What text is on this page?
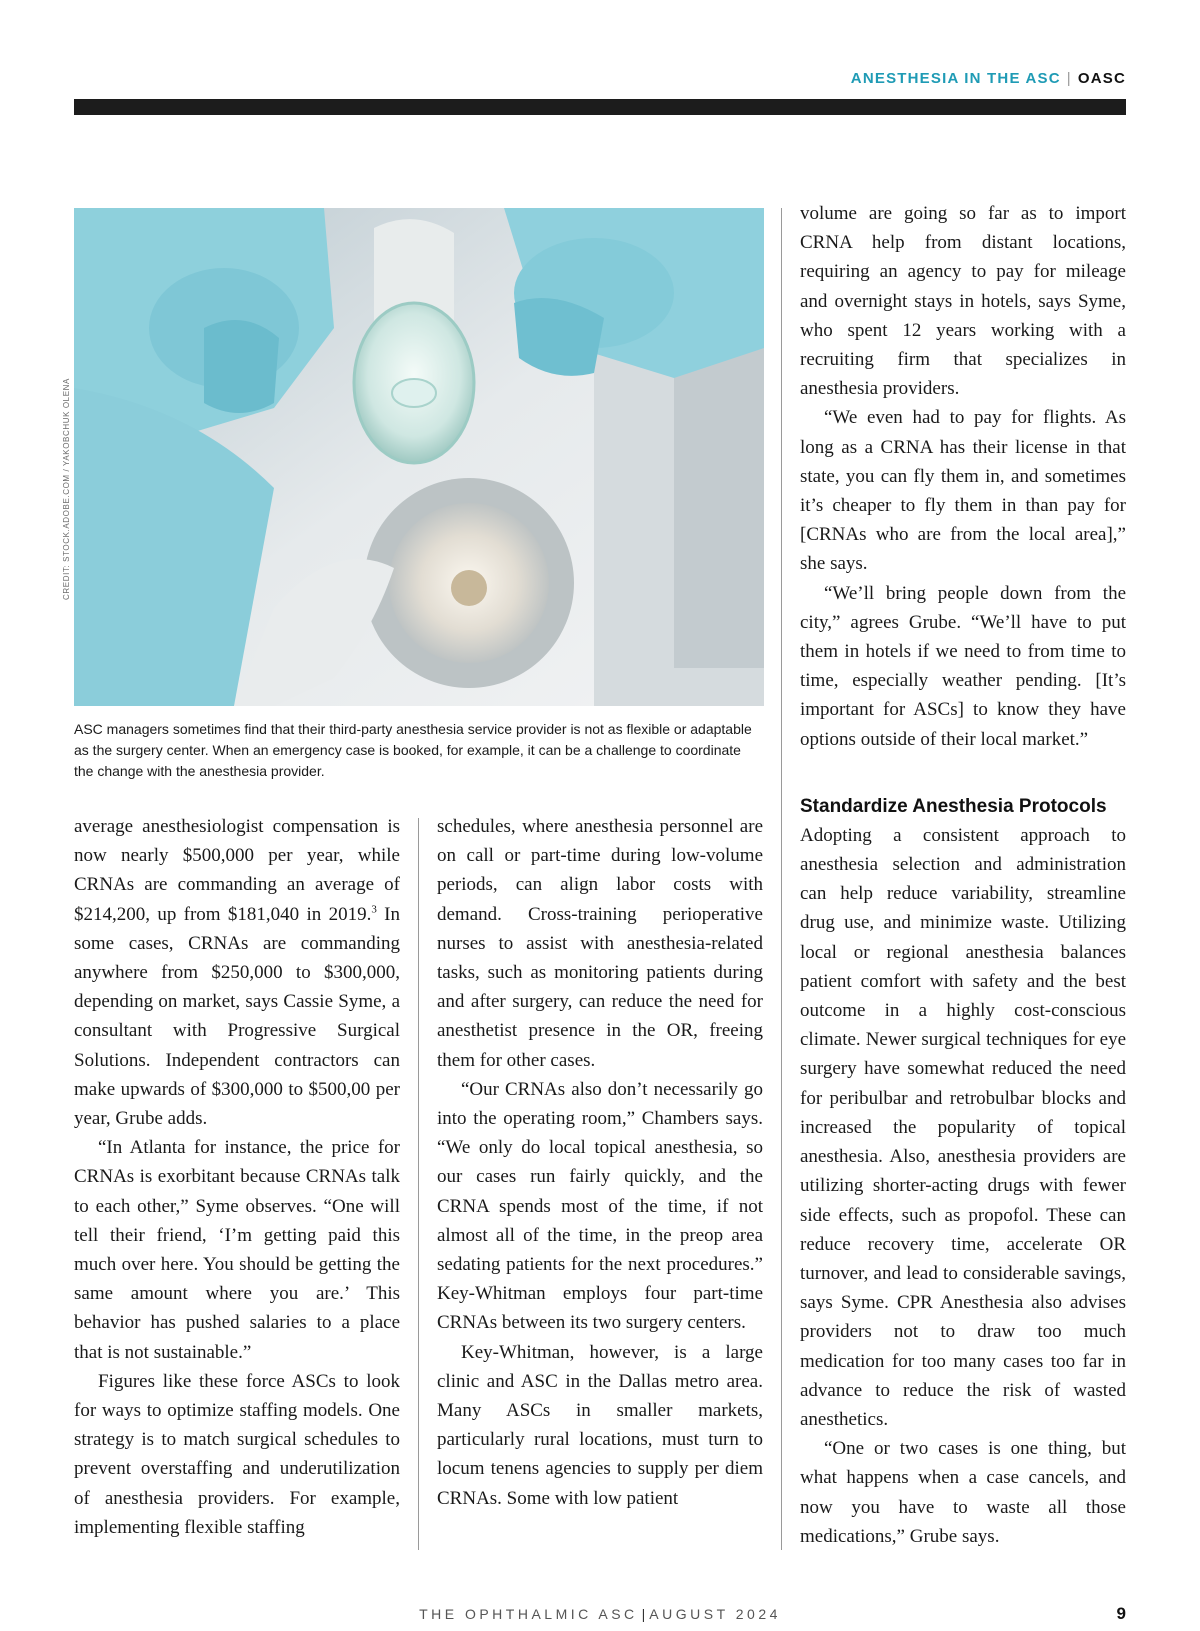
ANESTHESIA IN THE ASC | OASC
CREDIT: STOCK.ADOBE.COM / YAKOBCHUK OLENA
ASC managers sometimes find that their third-party anesthesia service provider is not as flexible or adaptable as the surgery center. When an emergency case is booked, for example, it can be a challenge to coordinate the change with the anesthesia provider.

average anesthesiologist compensation is now nearly $500,000 per year, while CRNAs are commanding an average of $214,200, up from $181,040 in 2019.$^3$ In some cases, CRNAs are commanding anywhere from $250,000 to $300,000, depending on market, says Cassie Syme, a consultant with Progressive Surgical Solutions. Independent contractors can make upwards of $300,000 to $500,00 per year, Grube adds.

“In Atlanta for instance, the price for CRNAs is exorbitant because CRNAs talk to each other,” Syme observes. “One will tell their friend, ‘I’m getting paid this much over here. You should be getting the same amount where you are.’ This behavior has pushed salaries to a place that is not sustainable.”

Figures like these force ASCs to look for ways to optimize staffing models. One strategy is to match surgical schedules to prevent overstaffing and underutilization of anesthesia providers. For example, implementing flexible staffing

schedules, where anesthesia personnel are on call or part-time during low-volume periods, can align labor costs with demand. Cross-training perioperative nurses to assist with anesthesia-related tasks, such as monitoring patients during and after surgery, can reduce the need for anesthetist presence in the OR, freeing them for other cases.

“Our CRNAs also don’t necessarily go into the operating room,” Chambers says. “We only do local topical anesthesia, so our cases run fairly quickly, and the CRNA spends most of the time, if not almost all of the time, in the preop area sedating patients for the next procedures.” Key-Whitman employs four part-time CRNAs between its two surgery centers.

Key-Whitman, however, is a large clinic and ASC in the Dallas metro area. Many ASCs in smaller markets, particularly rural locations, must turn to locum tenens agencies to supply per diem CRNAs. Some with low patient

volume are going so far as to import CRNA help from distant locations, requiring an agency to pay for mileage and overnight stays in hotels, says Syme, who spent 12 years working with a recruiting firm that specializes in anesthesia providers.

“We even had to pay for flights. As long as a CRNA has their license in that state, you can fly them in, and sometimes it’s cheaper to fly them in than pay for [CRNAs who are from the local area],” she says.

“We’ll bring people down from the city,” agrees Grube. “We’ll have to put them in hotels if we need to from time to time, especially weather pending. [It’s important for ASCs] to know they have options outside of their local market.”

Standardize Anesthesia Protocols

Adopting a consistent approach to anesthesia selection and administration can help reduce variability, streamline drug use, and minimize waste. Utilizing local or regional anesthesia balances patient comfort with safety and the best outcome in a highly cost-conscious climate. Newer surgical techniques for eye surgery have somewhat reduced the need for peribulbar and retrobulbar blocks and increased the popularity of topical anesthesia. Also, anesthesia providers are utilizing shorter-acting drugs with fewer side effects, such as propofol. These can reduce recovery time, accelerate OR turnover, and lead to considerable savings, says Syme. CPR Anesthesia also advises providers not to draw too much medication for too many cases too far in advance to reduce the risk of wasted anesthetics.

“One or two cases is one thing, but what happens when a case cancels, and now you have to waste all those medications,” Grube says.

THE OPHTHALMIC ASC | AUGUST 2024	9
